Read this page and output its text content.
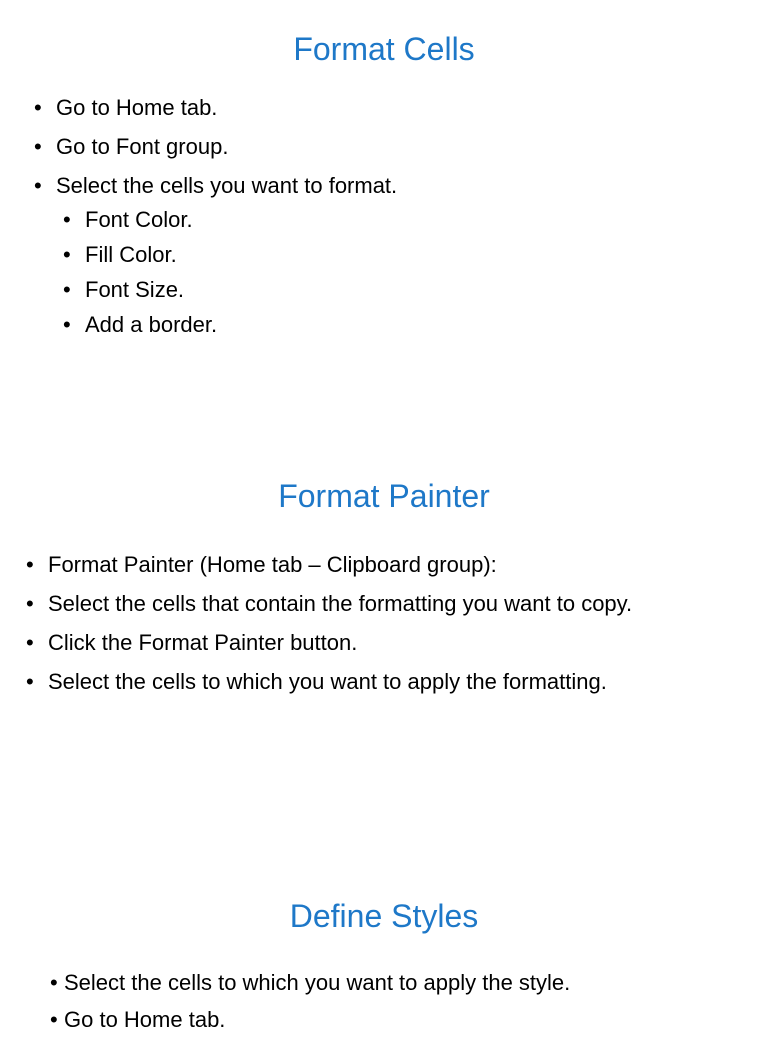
Format Cells
• Go to Home tab.
• Go to Font group.
• Select the cells you want to format.
• Font Color.
• Fill Color.
• Font Size.
• Add a border.
Format Painter
• Format Painter (Home tab – Clipboard group):
• Select the cells that contain the formatting you want to copy.
• Click the Format Painter button.
• Select the cells to which you want to apply the formatting.
Define Styles
• Select the cells to which you want to apply the style.
• Go to Home tab.
